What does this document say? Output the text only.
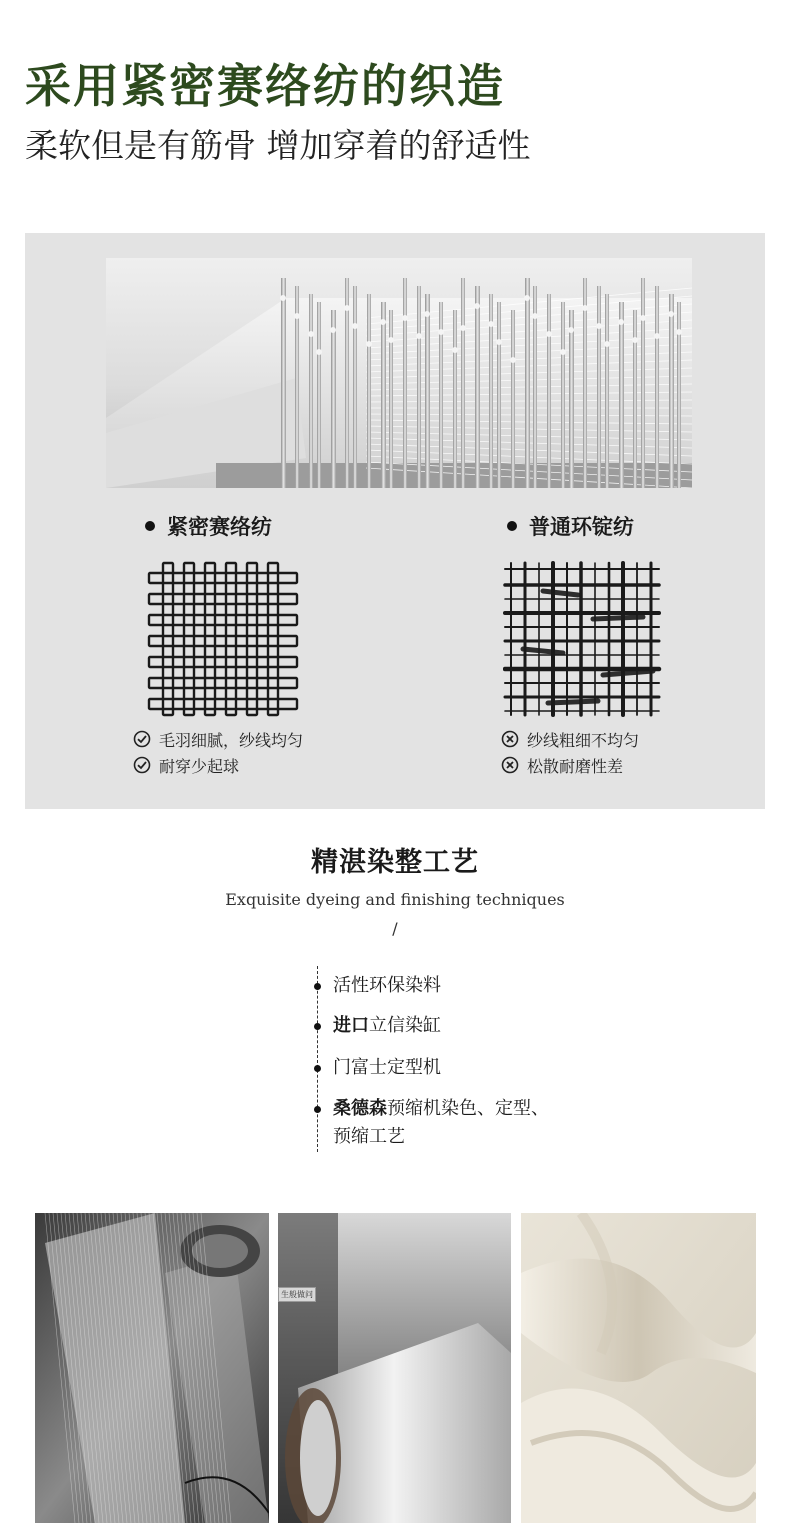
采用紧密赛络纺的织造
柔软但是有筋骨 增加穿着的舒适性
紧密赛络纺
毛羽细腻，纱线均匀
耐穿少起球
普通环锭纺
纱线粗细不均匀
松散耐磨性差
精湛染整工艺
Exquisite dyeing and finishing techniques
/
活性环保染料
进口立信染缸
门富士定型机
桑德森预缩机染色、定型、
预缩工艺
生般做问
